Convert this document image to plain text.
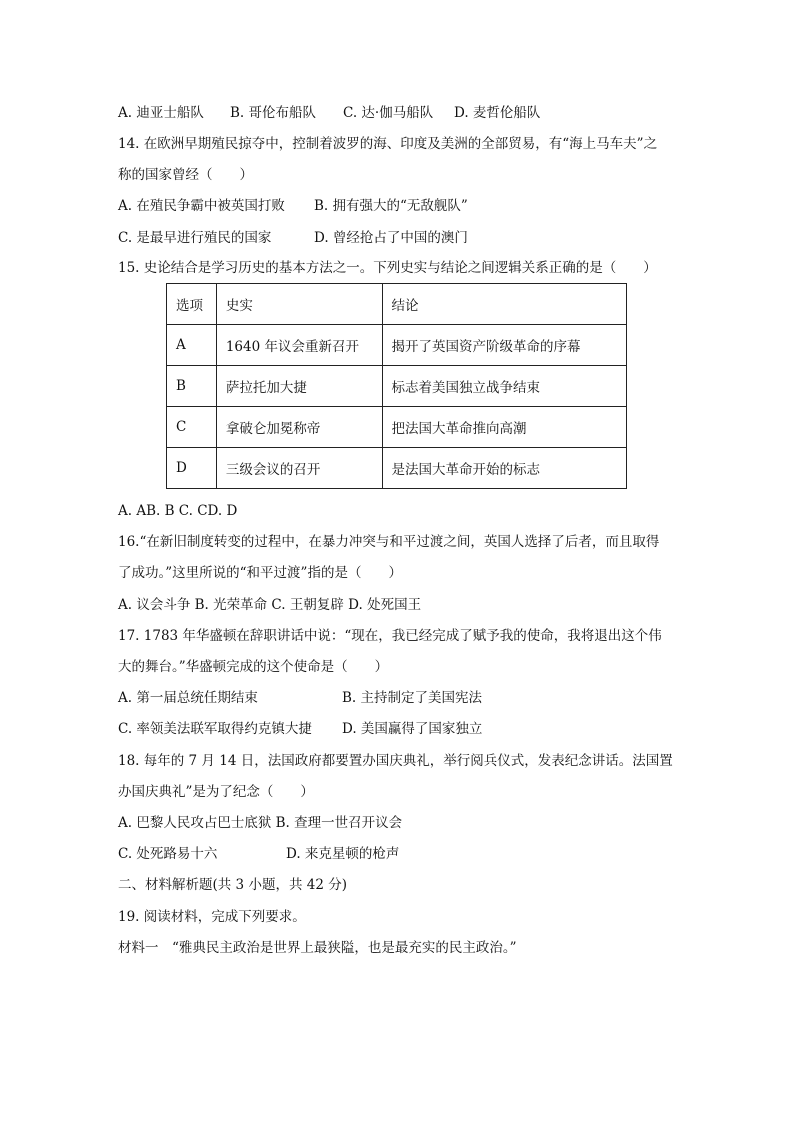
A. 迪亚士船队 B. 哥伦布船队 C. 达·伽马船队 D. 麦哲伦船队
14. 在欧洲早期殖民掠夺中，控制着波罗的海、印度及美洲的全部贸易，有“海上马车夫”之
称的国家曾经（　　）
A. 在殖民争霸中被英国打败 B. 拥有强大的“无敌舰队”
C. 是最早进行殖民的国家	D. 曾经抢占了中国的澳门
15. 史论结合是学习历史的基本方法之一。下列史实与结论之间逻辑关系正确的是（　　）
选项	史实	结论
A	1640 年议会重新召开	揭开了英国资产阶级革命的序幕
B	萨拉托加大捷	标志着美国独立战争结束
C	拿破仑加冕称帝	把法国大革命推向高潮
D	三级会议的召开	是法国大革命开始的标志
A. AB. B C. CD. D
16.“在新旧制度转变的过程中，在暴力冲突与和平过渡之间，英国人选择了后者，而且取得
了成功。”这里所说的“和平过渡”指的是（　　）
A. 议会斗争 B. 光荣革命 C. 王朝复辟 D. 处死国王
17. 1783 年华盛顿在辞职讲话中说：“现在，我已经完成了赋予我的使命，我将退出这个伟
大的舞台。”华盛顿完成的这个使命是（　　）
A. 第一届总统任期结束	B. 主持制定了美国宪法
C. 率领美法联军取得约克镇大捷 D. 美国赢得了国家独立
18. 每年的 7 月 14 日，法国政府都要置办国庆典礼，举行阅兵仪式，发表纪念讲话。法国置
办国庆典礼”是为了纪念（　　）
A. 巴黎人民攻占巴士底狱 B. 查理一世召开议会
C. 处死路易十六	D. 来克星顿的枪声
二、材料解析题(共 3 小题，共 42 分)
19. 阅读材料，完成下列要求。
材料一　“雅典民主政治是世界上最狭隘，也是最充实的民主政治。”
